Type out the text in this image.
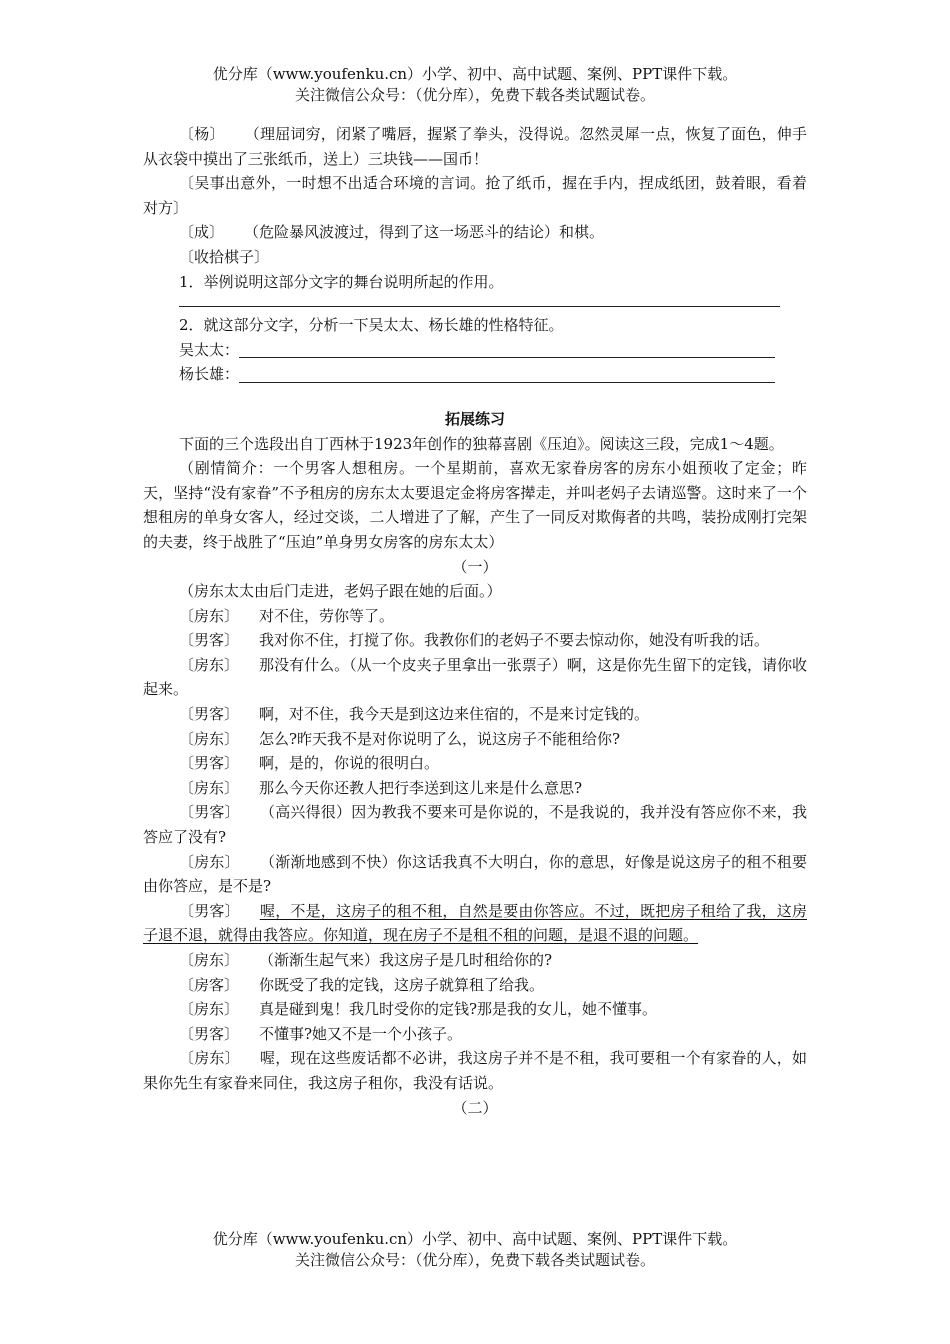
优分库（www.youfenku.cn）小学、初中、高中试题、案例、PPT课件下载。
关注微信公众号：（优分库），免费下载各类试题试卷。

〔杨〕 （理屈词穷，闭紧了嘴唇，握紧了拳头，没得说。忽然灵犀一点，恢复了面色，伸手从衣袋中摸出了三张纸币，送上）三块钱——国币！

〔吴事出意外，一时想不出适合环境的言词。抢了纸币，握在手内，捏成纸团，鼓着眼，看着对方〕

〔成〕 （危险暴风波渡过，得到了这一场恶斗的结论）和棋。

〔收拾棋子〕

1．举例说明这部分文字的舞台说明所起的作用。

2．就这部分文字，分析一下吴太太、杨长雄的性格特征。

吴太太：
杨长雄：

拓展练习

下面的三个选段出自丁西林于1923年创作的独幕喜剧《压迫》。阅读这三段，完成1～4题。

（剧情简介：一个男客人想租房。一个星期前，喜欢无家眷房客的房东小姐预收了定金；昨天，坚持“没有家眷”不予租房的房东太太要退定金将房客撵走，并叫老妈子去请巡警。这时来了一个想租房的单身女客人，经过交谈，二人增进了了解，产生了一同反对欺侮者的共鸣，装扮成刚打完架的夫妻，终于战胜了“压迫”单身男女房客的房东太太）

（一）

（房东太太由后门走进，老妈子跟在她的后面。）

〔房东〕 对不住，劳你等了。

〔男客〕 我对你不住，打搅了你。我教你们的老妈子不要去惊动你，她没有听我的话。

〔房东〕 那没有什么。（从一个皮夹子里拿出一张票子）啊，这是你先生留下的定钱，请你收起来。

〔男客〕 啊，对不住，我今天是到这边来住宿的，不是来讨定钱的。

〔房东〕 怎么?昨天我不是对你说明了么，说这房子不能租给你?

〔男客〕 啊，是的，你说的很明白。

〔房东〕 那么今天你还教人把行李送到这儿来是什么意思?

〔男客〕 （高兴得很）因为教我不要来可是你说的，不是我说的，我并没有答应你不来，我答应了没有?

〔房东〕 （渐渐地感到不快）你这话我真不大明白，你的意思，好像是说这房子的租不租要由你答应，是不是?

〔男客〕 喔，不是，这房子的租不租，自然是要由你答应。不过，既把房子租给了我，这房子退不退，就得由我答应。你知道，现在房子不是租不租的问题，是退不退的问题。

〔房东〕 （渐渐生起气来）我这房子是几时租给你的?

〔房客〕 你既受了我的定钱，这房子就算租了给我。

〔房东〕 真是碰到鬼！我几时受你的定钱?那是我的女儿，她不懂事。

〔男客〕 不懂事?她又不是一个小孩子。

〔房东〕 喔，现在这些废话都不必讲，我这房子并不是不租，我可要租一个有家眷的人，如果你先生有家眷来同住，我这房子租你，我没有话说。

（二）

优分库（www.youfenku.cn）小学、初中、高中试题、案例、PPT课件下载。
关注微信公众号：（优分库），免费下载各类试题试卷。
